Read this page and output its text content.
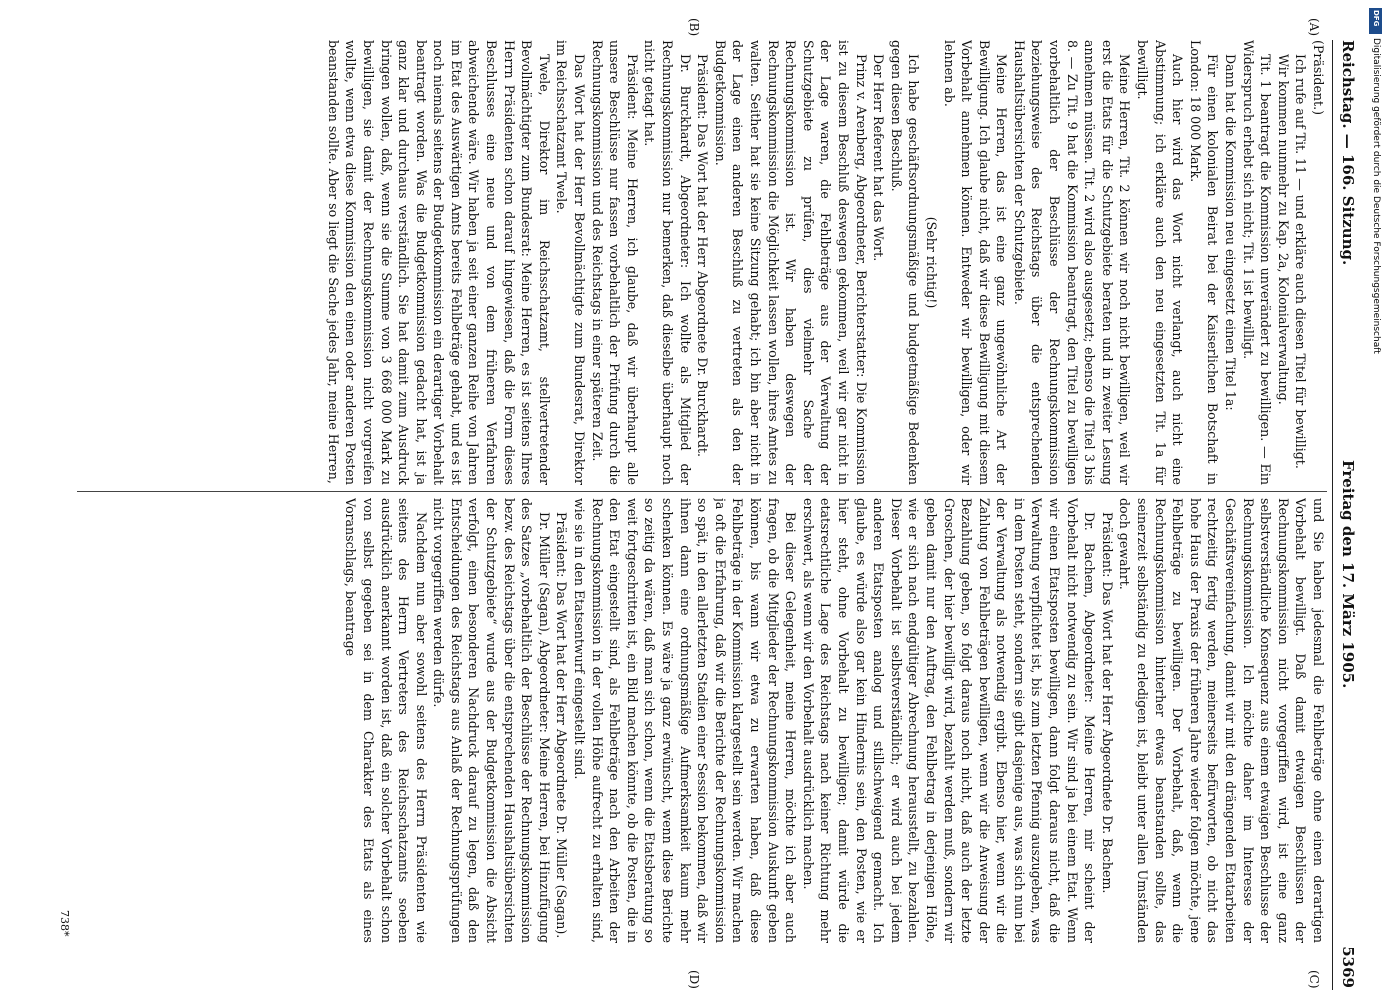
Reichstag. — 166. Sitzung.
Freitag den 17. März 1905.
5369
(A)
(B)
(C)
(D)

(Präsident.)

Ich rufe auf Tit. 11 — und erkläre auch diesen Titel für bewilligt.

Wir kommen nunmehr zu Kap. 2a, Kolonialverwaltung.

Tit. 1 beantragt die Kommission unverändert zu bewilligen. — Ein Widerspruch erhebt sich nicht; Tit. 1 ist bewilligt.

Dann hat die Kommission neu eingesetzt einen Titel 1a:

Für einen kolonialen Beirat bei der Kaiserlichen Botschaft in London: 18 000 Mark.

Auch hier wird das Wort nicht verlangt, auch nicht eine Abstimmung; ich erkläre auch den neu eingesetzten Tit. 1a für bewilligt.

Meine Herren, Tit. 2 können wir noch nicht bewilligen, weil wir erst die Etats für die Schutzgebiete beraten und in zweiter Lesung annehmen müssen. Tit. 2 wird also ausgesetzt; ebenso die Titel 3 bis 8. — Zu Tit. 9 hat die Kommission beantragt, den Titel zu bewilligen vorbehaltlich der Beschlüsse der Rechnungskommission beziehungsweise des Reichstags über die entsprechenden Haushaltsübersichten der Schutzgebiete.

Meine Herren, das ist eine ganz ungewöhnliche Art der Bewilligung. Ich glaube nicht, daß wir diese Bewilligung mit diesem Vorbehalt annehmen können. Entweder wir bewilligen, oder wir lehnen ab.

(Sehr richtig!)

Ich habe geschäftsordnungsmäßige und budgetmäßige Bedenken gegen diesen Beschluß.

Der Herr Referent hat das Wort.

Prinz v. Arenberg, Abgeordneter, Berichterstatter: Die Kommission ist zu diesem Beschluß deswegen gekommen, weil wir gar nicht in der Lage waren, die Fehlbeträge aus der Verwaltung der Schutzgebiete zu prüfen, dies vielmehr Sache der Rechnungskommission ist. Wir haben deswegen der Rechnungskommission die Möglichkeit lassen wollen, ihres Amtes zu walten. Seither hat sie keine Sitzung gehabt; ich bin aber nicht in der Lage einen anderen Beschluß zu vertreten als den der Budgetkommission.

Präsident: Das Wort hat der Herr Abgeordnete Dr. Burckhardt.

Dr. Burckhardt, Abgeordneter: Ich wollte als Mitglied der Rechnungskommission nur bemerken, daß dieselbe überhaupt noch nicht getagt hat.

Präsident: Meine Herren, ich glaube, daß wir überhaupt alle unsere Beschlüsse nur fassen vorbehaltlich der Prüfung durch die Rechnungskommission und des Reichstags in einer späteren Zeit.

Das Wort hat der Herr Bevollmächtigte zum Bundesrat, Direktor im Reichsschatzamt Twele.

Twele, Direktor im Reichsschatzamt, stellvertretender Bevollmächtigter zum Bundesrat: Meine Herren, es ist seitens Ihres Herrn Präsidenten schon darauf hingewiesen, daß die Form dieses Beschlusses eine neue und von dem früheren Verfahren abweichende wäre. Wir haben ja seit einer ganzen Reihe von Jahren im Etat des Auswärtigen Amts bereits Fehlbeträge gehabt, und es ist noch niemals seitens der Budgetkommission ein derartiger Vorbehalt beantragt worden. Was die Budgetkommission gedacht hat, ist ja ganz klar und durchaus verständlich. Sie hat damit zum Ausdruck bringen wollen, daß, wenn sie die Summe von 3 668 000 Mark zu bewilligen, sie damit der Rechnungskommission nicht vorgreifen wollte, wenn etwa diese Kommission den einen oder anderen Posten beanstanden sollte. Aber so liegt die Sache jedes Jahr, meine Herren,

und Sie haben jedesmal die Fehlbeträge ohne einen derartigen Vorbehalt bewilligt. Daß damit etwaigen Beschlüssen der Rechnungskommission nicht vorgegriffen wird, ist eine ganz selbstverständliche Konsequenz aus einem etwaigen Beschlusse der Rechnungskommission. Ich möchte daher im Interesse der Geschäftsvereinfachung, damit wir mit den drängenden Etatarbeiten rechtzeitig fertig werden, meinerseits befürworten, ob nicht das hohe Haus der Praxis der früheren Jahre wieder folgen möchte, jene Fehlbeträge zu bewilligen. Der Vorbehalt, daß, wenn die Rechnungskommission hinterher etwas beanstanden sollte, das seinerzeit selbständig zu erledigen ist, bleibt unter allen Umständen doch gewahrt.

Präsident: Das Wort hat der Herr Abgeordnete Dr. Bachem.

Dr. Bachem, Abgeordneter: Meine Herren, mir scheint der Vorbehalt nicht notwendig zu sein. Wir sind ja bei einem Etat. Wenn wir einen Etatsposten bewilligen, dann folgt daraus nicht, daß die Verwaltung verpflichtet ist, bis zum letzten Pfennig auszugeben, was in dem Posten steht, sondern sie gibt dasjenige aus, was sich nun bei der Verwaltung als notwendig ergibt. Ebenso hier, wenn wir die Zahlung von Fehlbeträgen bewilligen, wenn wir die Anweisung der Bezahlung geben, so folgt daraus noch nicht, daß auch der letzte Groschen, der hier bewilligt wird, bezahlt werden muß, sondern wir geben damit nur den Auftrag, den Fehlbetrag in derjenigen Höhe, wie er sich nach endgültiger Abrechnung herausstellt, zu bezahlen. Dieser Vorbehalt ist selbstverständlich; er wird auch bei jedem anderen Etatsposten analog und stillschweigend gemacht. Ich glaube, es würde also gar kein Hindernis sein, den Posten, wie er hier steht, ohne Vorbehalt zu bewilligen; damit würde die etatsrechtliche Lage des Reichstags nach keiner Richtung mehr erschwert, als wenn wir den Vorbehalt ausdrücklich machen.

Bei dieser Gelegenheit, meine Herren, möchte ich aber auch fragen, ob die Mitglieder der Rechnungskommission Auskunft geben können, bis wann wir etwa zu erwarten haben, daß diese Fehlbeträge in der Kommission klargestellt sein werden. Wir machen ja oft die Erfahrung, daß wir die Berichte der Rechnungskommission so spät, in den allerletzten Stadien einer Session bekommen, daß wir ihnen dann eine ordnungsmäßige Aufmerksamkeit kaum mehr schenken können. Es wäre ja ganz erwünscht, wenn diese Berichte so zeitig da wären, daß man sich schon, wenn die Etatsberatung so weit fortgeschritten ist, ein Bild machen könnte, ob die Posten, die in den Etat eingestellt sind, als Fehlbeträge nach den Arbeiten der Rechnungskommission in der vollen Höhe aufrecht zu erhalten sind, wie sie in den Etatsentwurf eingestellt sind.

Präsident: Das Wort hat der Herr Abgeordnete Dr. Müller (Sagan).

Dr. Müller (Sagan), Abgeordneter: Meine Herren, bei Hinzufügung des Satzes „vorbehaltlich der Beschlüsse der Rechnungskommission bezw. des Reichstags über die entsprechenden Haushaltsübersichten der Schutzgebiete“ wurde aus der Budgetkommission die Absicht verfolgt, einen besonderen Nachdruck darauf zu legen, daß den Entscheidungen des Reichstags aus Anlaß der Rechnungsprüfungen nicht vorgegriffen werden dürfe.

Nachdem nun aber sowohl seitens des Herrn Präsidenten wie seitens des Herrn Vertreters des Reichsschatzamts soeben ausdrücklich anerkannt worden ist, daß ein solcher Vorbehalt schon von selbst gegeben sei in dem Charakter des Etats als eines Voranschlags, beantrage

738*
DFG
Digitalisierung gefördert durch die Deutsche Forschungsgemeinschaft
